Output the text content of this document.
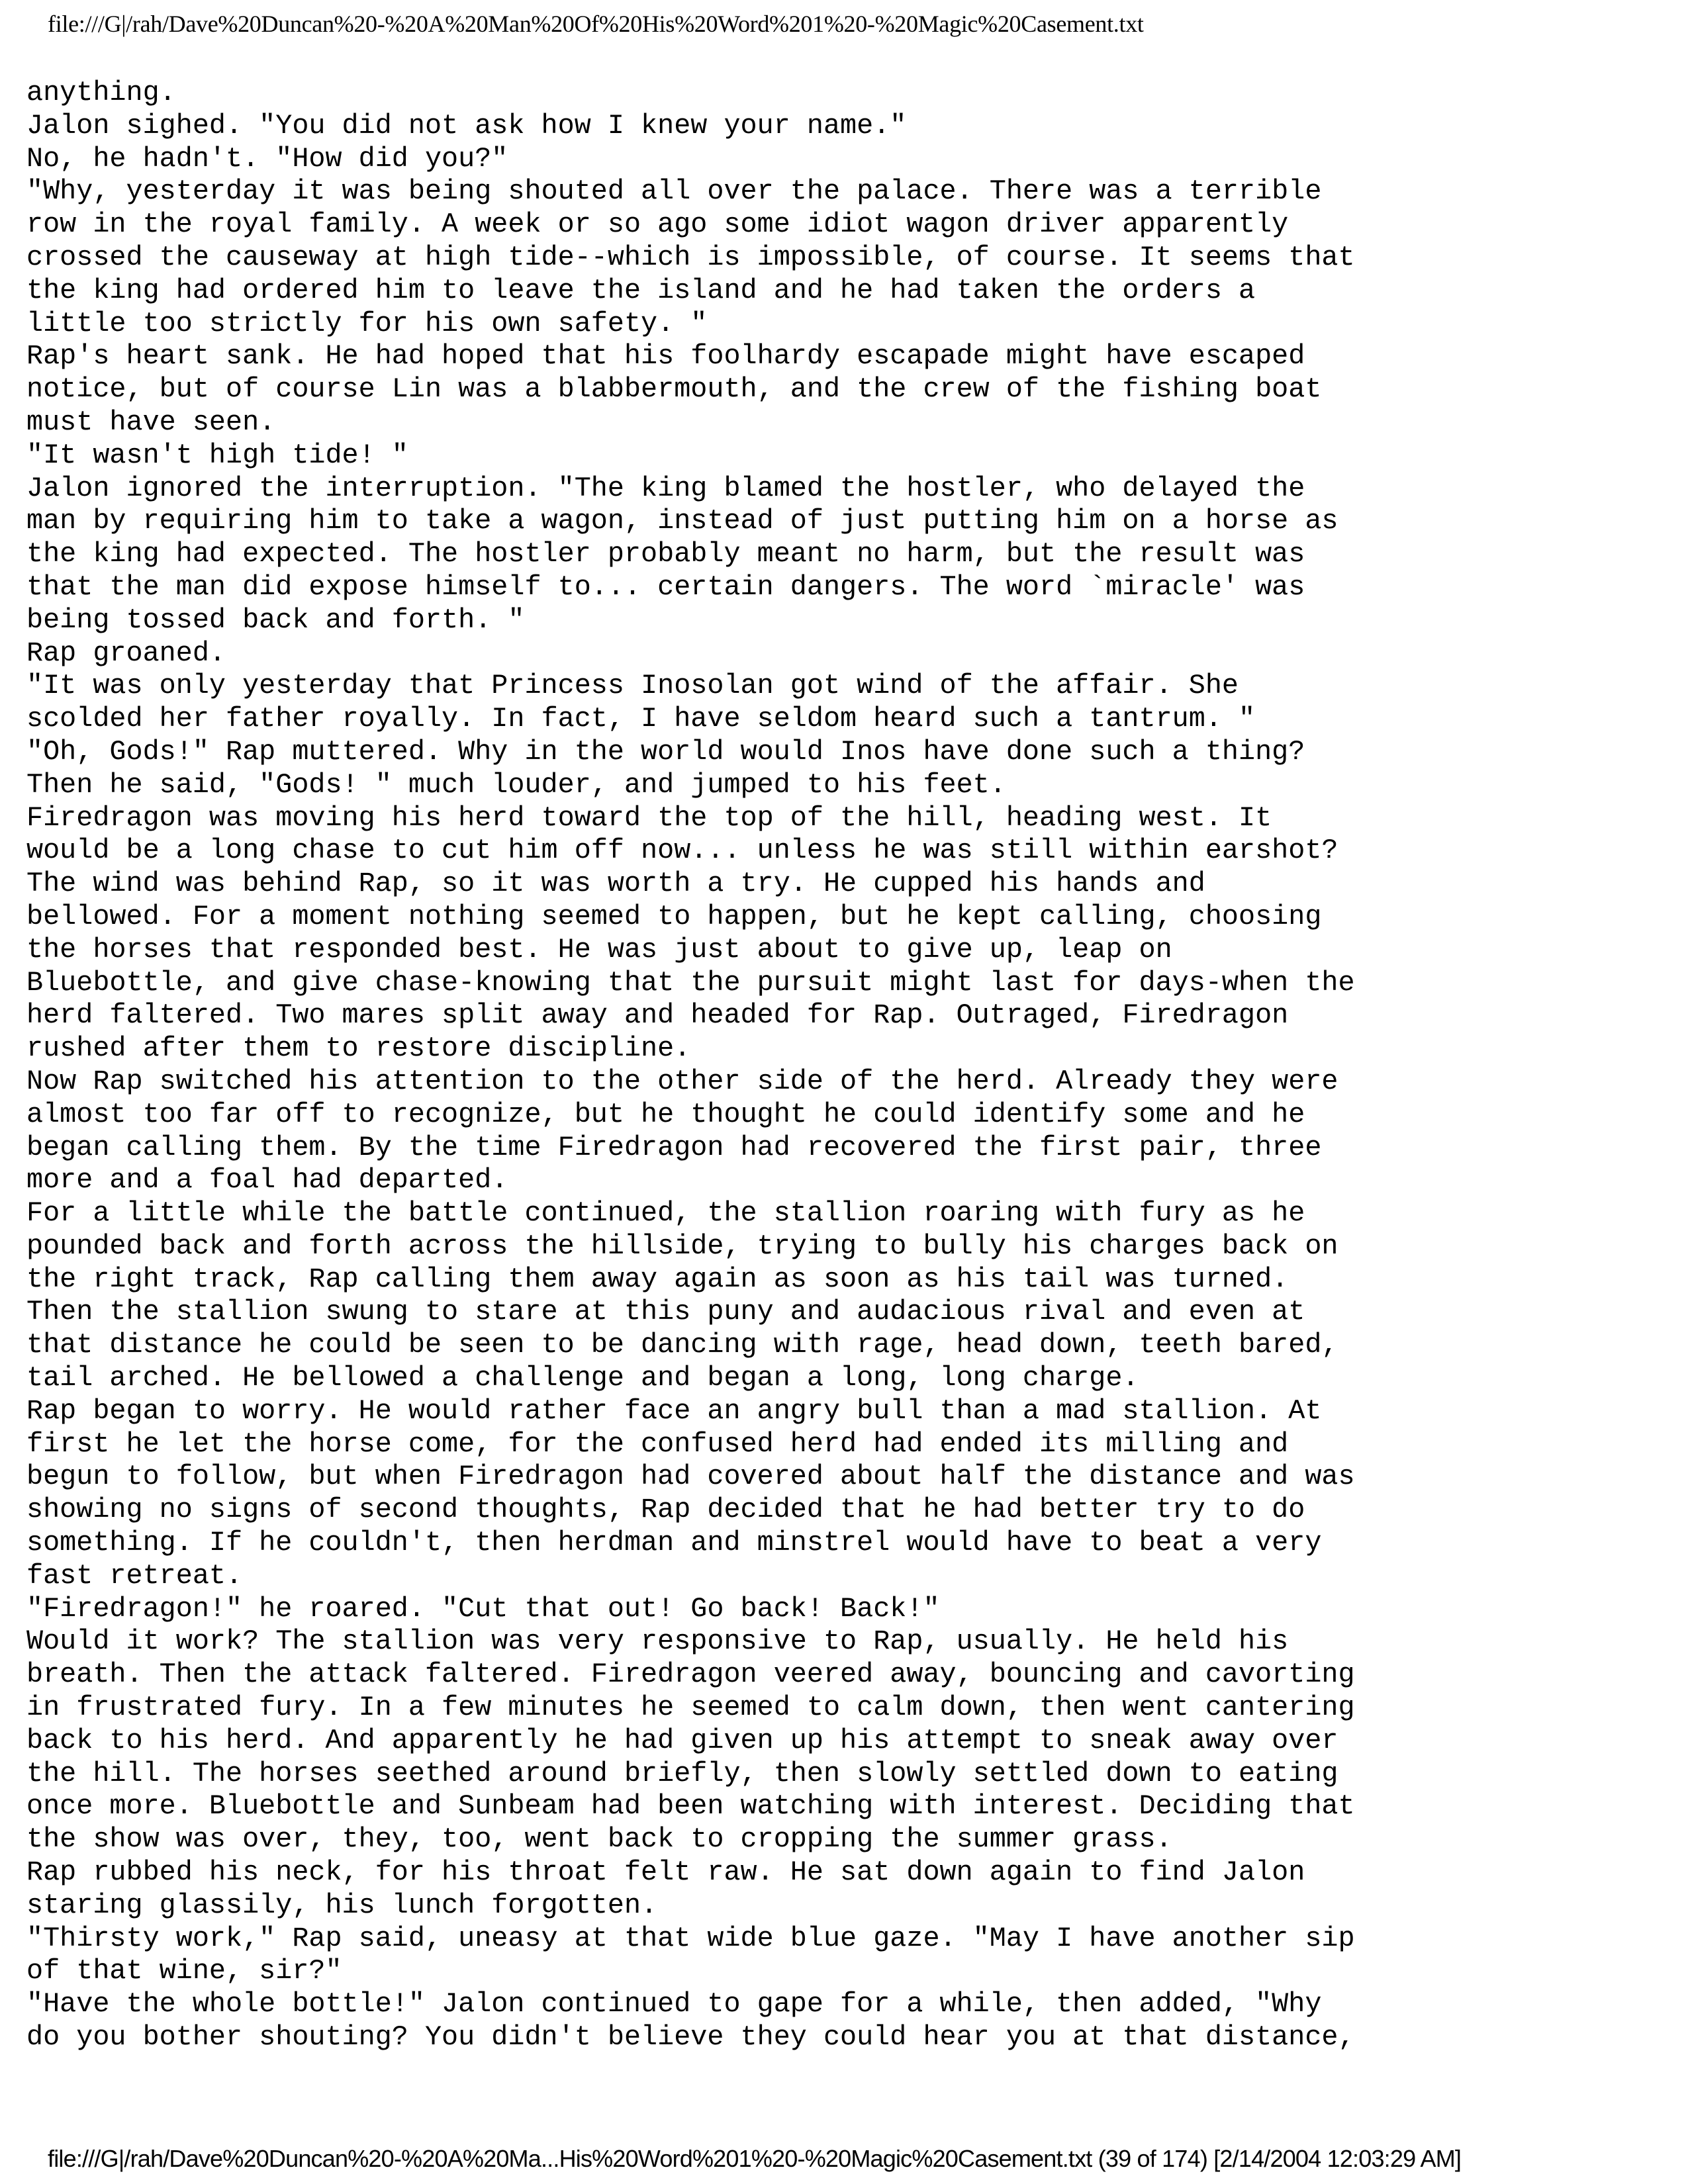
file:///G|/rah/Dave%20Duncan%20-%20A%20Man%20Of%20His%20Word%201%20-%20Magic%20Casement.txt
anything.
Jalon sighed. "You did not ask how I knew your name."
No, he hadn't. "How did you?"
"Why, yesterday it was being shouted all over the palace. There was a terrible
row in the royal family. A week or so ago some idiot wagon driver apparently
crossed the causeway at high tide--which is impossible, of course. It seems that
the king had ordered him to leave the island and he had taken the orders a
little too strictly for his own safety. "
Rap's heart sank. He had hoped that his foolhardy escapade might have escaped
notice, but of course Lin was a blabbermouth, and the crew of the fishing boat
must have seen.
"It wasn't high tide! "
Jalon ignored the interruption. "The king blamed the hostler, who delayed the
man by requiring him to take a wagon, instead of just putting him on a horse as
the king had expected. The hostler probably meant no harm, but the result was
that the man did expose himself to... certain dangers. The word `miracle' was
being tossed back and forth. "
Rap groaned.
"It was only yesterday that Princess Inosolan got wind of the affair. She
scolded her father royally. In fact, I have seldom heard such a tantrum. "
"Oh, Gods!" Rap muttered. Why in the world would Inos have done such a thing?
Then he said, "Gods! " much louder, and jumped to his feet.
Firedragon was moving his herd toward the top of the hill, heading west. It
would be a long chase to cut him off now... unless he was still within earshot?
The wind was behind Rap, so it was worth a try. He cupped his hands and
bellowed. For a moment nothing seemed to happen, but he kept calling, choosing
the horses that responded best. He was just about to give up, leap on
Bluebottle, and give chase-knowing that the pursuit might last for days-when the
herd faltered. Two mares split away and headed for Rap. Outraged, Firedragon
rushed after them to restore discipline.
Now Rap switched his attention to the other side of the herd. Already they were
almost too far off to recognize, but he thought he could identify some and he
began calling them. By the time Firedragon had recovered the first pair, three
more and a foal had departed.
For a little while the battle continued, the stallion roaring with fury as he
pounded back and forth across the hillside, trying to bully his charges back on
the right track, Rap calling them away again as soon as his tail was turned.
Then the stallion swung to stare at this puny and audacious rival and even at
that distance he could be seen to be dancing with rage, head down, teeth bared,
tail arched. He bellowed a challenge and began a long, long charge.
Rap began to worry. He would rather face an angry bull than a mad stallion. At
first he let the horse come, for the confused herd had ended its milling and
begun to follow, but when Firedragon had covered about half the distance and was
showing no signs of second thoughts, Rap decided that he had better try to do
something. If he couldn't, then herdman and minstrel would have to beat a very
fast retreat.
"Firedragon!" he roared. "Cut that out! Go back! Back!"
Would it work? The stallion was very responsive to Rap, usually. He held his
breath. Then the attack faltered. Firedragon veered away, bouncing and cavorting
in frustrated fury. In a few minutes he seemed to calm down, then went cantering
back to his herd. And apparently he had given up his attempt to sneak away over
the hill. The horses seethed around briefly, then slowly settled down to eating
once more. Bluebottle and Sunbeam had been watching with interest. Deciding that
the show was over, they, too, went back to cropping the summer grass.
Rap rubbed his neck, for his throat felt raw. He sat down again to find Jalon
staring glassily, his lunch forgotten.
"Thirsty work," Rap said, uneasy at that wide blue gaze. "May I have another sip
of that wine, sir?"
"Have the whole bottle!" Jalon continued to gape for a while, then added, "Why
do you bother shouting? You didn't believe they could hear you at that distance,
file:///G|/rah/Dave%20Duncan%20-%20A%20Ma...His%20Word%201%20-%20Magic%20Casement.txt (39 of 174) [2/14/2004 12:03:29 AM]
